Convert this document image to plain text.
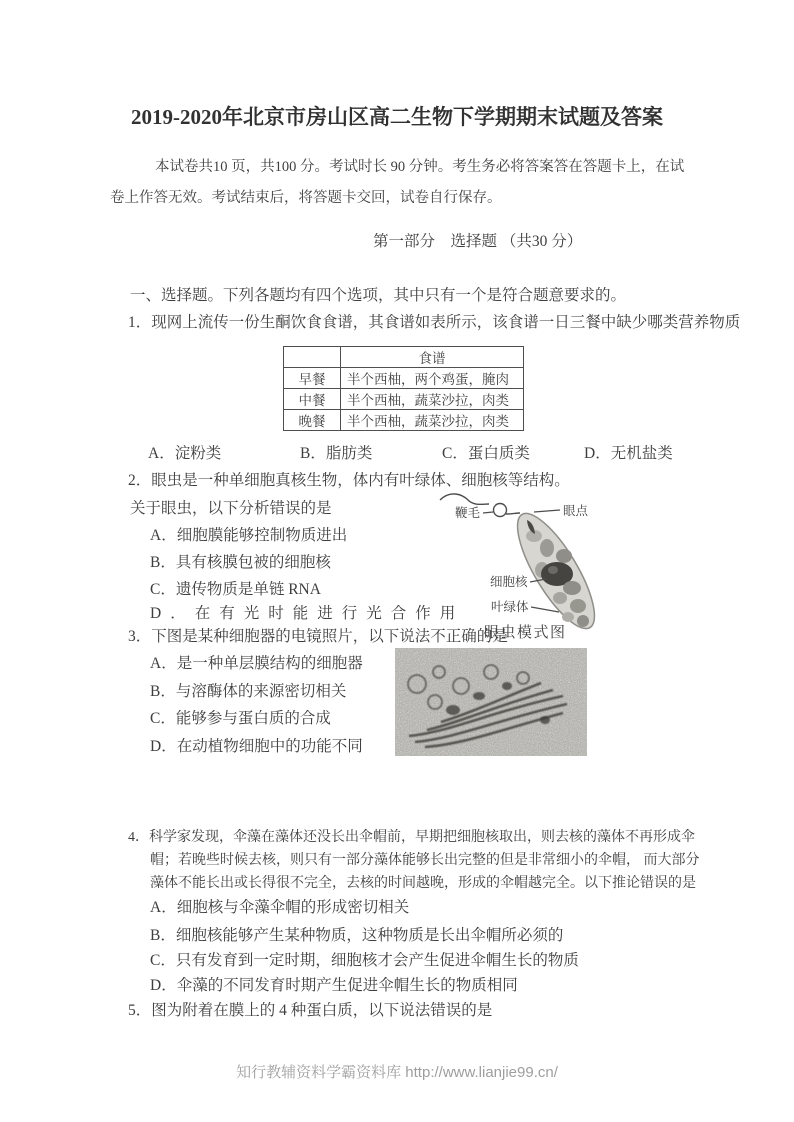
2019-2020年北京市房山区高二生物下学期期末试题及答案
本试卷共10 页，共100 分。考试时长 90 分钟。考生务必将答案答在答题卡上，在试
卷上作答无效。考试结束后，将答题卡交回，试卷自行保存。
第一部分　选择题 （共30 分）
一、选择题。下列各题均有四个选项，其中只有一个是符合题意要求的。
1．现网上流传一份生酮饮食食谱，其食谱如表所示，该食谱一日三餐中缺少哪类营养物质
	食谱
早餐	半个西柚，两个鸡蛋，腌肉
中餐	半个西柚，蔬菜沙拉，肉类
晚餐	半个西柚，蔬菜沙拉，肉类
A．淀粉类	B．脂肪类	C．蛋白质类	D．无机盐类
2．眼虫是一种单细胞真核生物，体内有叶绿体、细胞核等结构。
关于眼虫，以下分析错误的是
A．细胞膜能够控制物质进出
B．具有核膜包被的细胞核
C．遗传物质是单链 RNA
D．在有光时能进行光合作用
3．下图是某种细胞器的电镜照片，以下说法不正确的是
A．是一种单层膜结构的细胞器
B．与溶酶体的来源密切相关
C．能够参与蛋白质的合成
D．在动植物细胞中的功能不同
4．科学家发现，伞藻在藻体还没长出伞帽前，早期把细胞核取出，则去核的藻体不再形成伞
帽；若晚些时候去核，则只有一部分藻体能够长出完整的但是非常细小的伞帽， 而大部分
藻体不能长出或长得很不完全，去核的时间越晚，形成的伞帽越完全。以下推论错误的是
A．细胞核与伞藻伞帽的形成密切相关
B．细胞核能够产生某种物质，这种物质是长出伞帽所必须的
C．只有发育到一定时期，细胞核才会产生促进伞帽生长的物质
D．伞藻的不同发育时期产生促进伞帽生长的物质相同
5．图为附着在膜上的 4 种蛋白质，以下说法错误的是
知行教辅资料学霸资料库 http://www.lianjie99.cn/
鞭毛	眼点
细胞核
叶绿体
眼虫模式图
